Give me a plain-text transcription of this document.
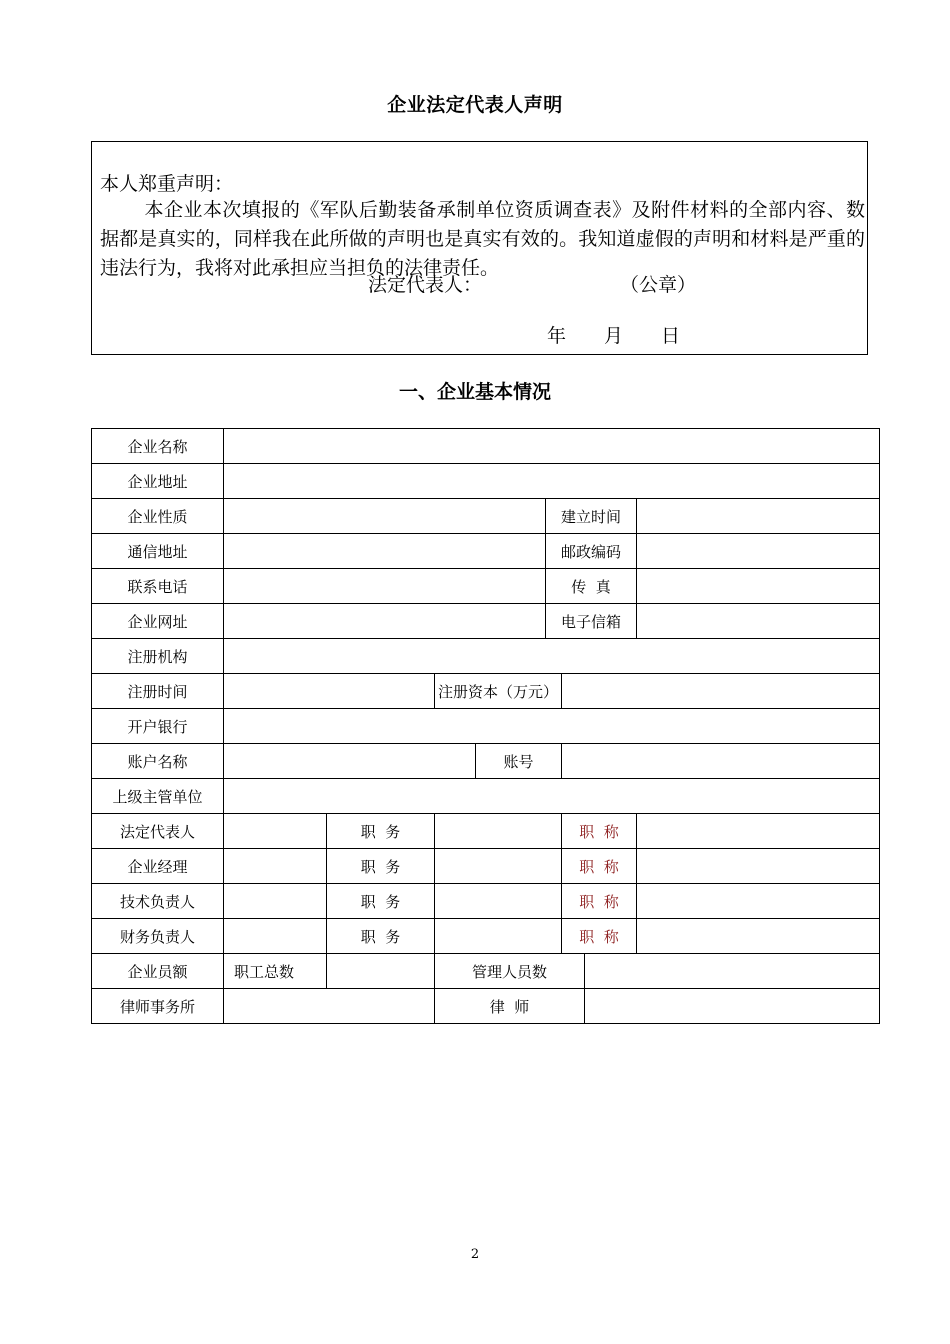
企业法定代表人声明
本人郑重声明：
本企业本次填报的《军队后勤装备承制单位资质调查表》及附件材料的全部内容、数据都是真实的，同样我在此所做的声明也是真实有效的。我知道虚假的声明和材料是严重的违法行为，我将对此承担应当担负的法律责任。
法定代表人：	（公章）
年 月 日
一、企业基本情况
企业名称								
企业地址								
企业性质					建立时间			
通信地址					邮政编码			
联系电话					传  真			
企业网址					电子信箱			
注册机构								
注册时间			注册资本（万元）					
开户银行								
账户名称				账号				
上级主管单位								
法定代表人		职  务				职  称		
企业经理		职  务				职  称		
技术负责人		职  务				职  称		
财务负责人		职  务				职  称		
企业员额	职工总数		管理人员数					
律师事务所			律  师					
2
